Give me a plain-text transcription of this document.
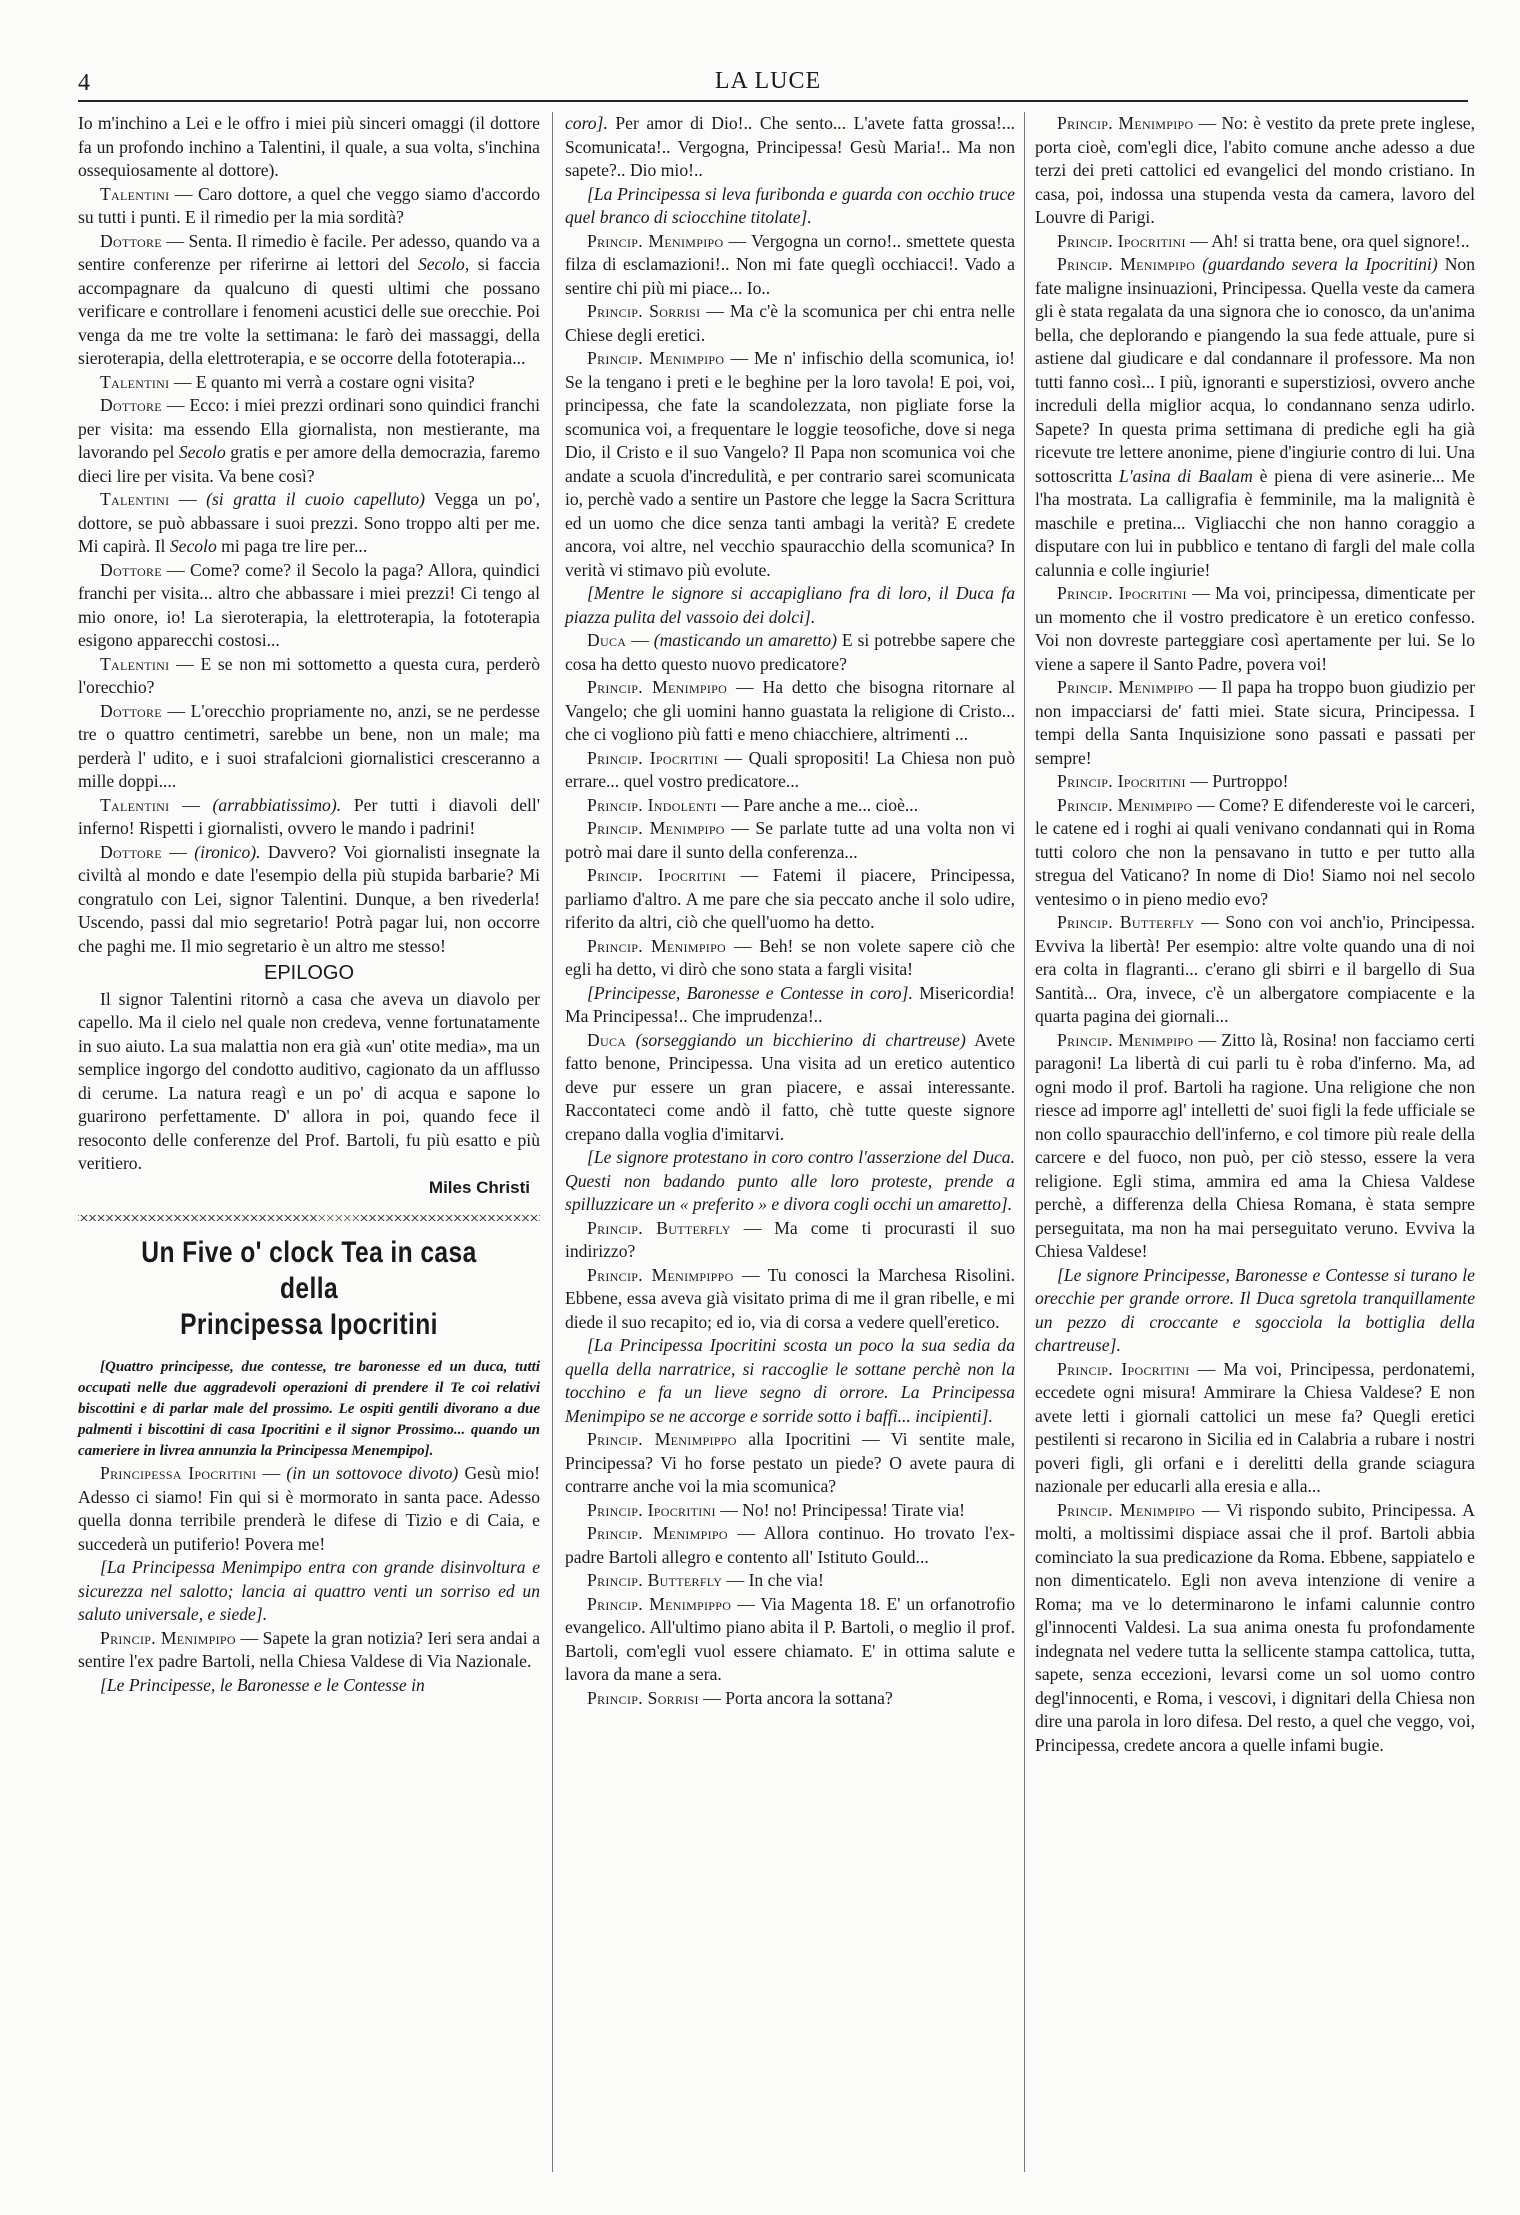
4	LA LUCE

Io m'inchino a Lei e le offro i miei più sinceri omaggi (il dottore fa un profondo inchino a Talentini, il quale, a sua volta, s'inchina ossequiosamente al dottore).

Talentini — Caro dottore, a quel che veggo siamo d'accordo su tutti i punti. E il rimedio per la mia sordità?

Dottore — Senta. Il rimedio è facile. Per adesso, quando va a sentire conferenze per riferirne ai lettori del Secolo, si faccia accompagnare da qualcuno di questi ultimi che possano verificare e controllare i fenomeni acustici delle sue orecchie. Poi venga da me tre volte la settimana: le farò dei massaggi, della sieroterapia, della elettroterapia, e se occorre della fototerapia...

Talentini — E quanto mi verrà a costare ogni visita?

Dottore — Ecco: i miei prezzi ordinari sono quindici franchi per visita: ma essendo Ella giornalista, non mestierante, ma lavorando pel Secolo gratis e per amore della democrazia, faremo dieci lire per visita. Va bene così?

Talentini — (si gratta il cuoio capelluto) Vegga un po', dottore, se può abbassare i suoi prezzi. Sono troppo alti per me. Mi capirà. Il Secolo mi paga tre lire per...

Dottore — Come? come? il Secolo la paga? Allora, quindici franchi per visita... altro che abbassare i miei prezzi! Ci tengo al mio onore, io! La sieroterapia, la elettroterapia, la fototerapia esigono apparecchi costosi...

Talentini — E se non mi sottometto a questa cura, perderò l'orecchio?

Dottore — L'orecchio propriamente no, anzi, se ne perdesse tre o quattro centimetri, sarebbe un bene, non un male; ma perderà l' udito, e i suoi strafalcioni giornalistici cresceranno a mille doppi....

Talentini — (arrabbiatissimo). Per tutti i diavoli dell' inferno! Rispetti i giornalisti, ovvero le mando i padrini!

Dottore — (ironico). Davvero? Voi giornalisti insegnate la civiltà al mondo e date l'esempio della più stupida barbarie? Mi congratulo con Lei, signor Talentini. Dunque, a ben rivederla! Uscendo, passi dal mio segretario! Potrà pagar lui, non occorre che paghi me. Il mio segretario è un altro me stesso!

EPILOGO

Il signor Talentini ritornò a casa che aveva un diavolo per capello. Ma il cielo nel quale non credeva, venne fortunatamente in suo aiuto. La sua malattia non era già «un' otite media», ma un semplice ingorgo del condotto auditivo, cagionato da un afflusso di cerume. La natura reagì e un po' di acqua e sapone lo guarirono perfettamente. D' allora in poi, quando fece il resoconto delle conferenze del Prof. Bartoli, fu più esatto e più veritiero.

Miles Christi
Un Five o' clock Tea in casa della
Principessa Ipocritini

[Quattro principesse, due contesse, tre baronesse ed un duca, tutti occupati nelle due aggradevoli operazioni di prendere il Te coi relativi biscottini e di parlar male del prossimo. Le ospiti gentili divorano a due palmenti i biscottini di casa Ipocritini e il signor Prossimo... quando un cameriere in livrea annunzia la Principessa Menempipo].

Principessa Ipocritini — (in un sottovoce divoto) Gesù mio! Adesso ci siamo! Fin qui si è mormorato in santa pace. Adesso quella donna terribile prenderà le difese di Tizio e di Caia, e succederà un putiferio! Povera me!

[La Principessa Menimpipo entra con grande disinvoltura e sicurezza nel salotto; lancia ai quattro venti un sorriso ed un saluto universale, e siede].

Princip. Menimpipo — Sapete la gran notizia? Ieri sera andai a sentire l'ex padre Bartoli, nella Chiesa Valdese di Via Nazionale.

[Le Principesse, le Baronesse e le Contesse in

coro]. Per amor di Dio!.. Che sento... L'avete fatta grossa!... Scomunicata!.. Vergogna, Principessa! Gesù Maria!.. Ma non sapete?.. Dio mio!..

[La Principessa si leva furibonda e guarda con occhio truce quel branco di sciocchine titolate].

Princip. Menimpipo — Vergogna un corno!.. smettete questa filza di esclamazioni!.. Non mi fate queglì occhiacci!. Vado a sentire chi più mi piace... Io..

Princip. Sorrisi — Ma c'è la scomunica per chi entra nelle Chiese degli eretici.

Princip. Menimpipo — Me n' infischio della scomunica, io! Se la tengano i preti e le beghine per la loro tavola! E poi, voi, principessa, che fate la scandolezzata, non pigliate forse la scomunica voi, a frequentare le loggie teosofiche, dove si nega Dio, il Cristo e il suo Vangelo? Il Papa non scomunica voi che andate a scuola d'incredulità, e per contrario sarei scomunicata io, perchè vado a sentire un Pastore che legge la Sacra Scrittura ed un uomo che dice senza tanti ambagi la verità? E credete ancora, voi altre, nel vecchio spauracchio della scomunica? In verità vi stimavo più evolute.

[Mentre le signore si accapigliano fra di loro, il Duca fa piazza pulita del vassoio dei dolci].

Duca — (masticando un amaretto) E si potrebbe sapere che cosa ha detto questo nuovo predicatore?

Princip. Menimpipo — Ha detto che bisogna ritornare al Vangelo; che gli uomini hanno guastata la religione di Cristo... che ci vogliono più fatti e meno chiacchiere, altrimenti ...

Princip. Ipocritini — Quali spropositi! La Chiesa non può errare... quel vostro predicatore...

Princip. Indolenti — Pare anche a me... cioè...

Princip. Menimpipo — Se parlate tutte ad una volta non vi potrò mai dare il sunto della conferenza...

Princip. Ipocritini — Fatemi il piacere, Principessa, parliamo d'altro. A me pare che sia peccato anche il solo udire, riferito da altri, ciò che quell'uomo ha detto.

Princip. Menimpipo — Beh! se non volete sapere ciò che egli ha detto, vi dirò che sono stata a fargli visita!

[Principesse, Baronesse e Contesse in coro]. Misericordia! Ma Principessa!.. Che imprudenza!..

Duca (sorseggiando un bicchierino di chartreuse) Avete fatto benone, Principessa. Una visita ad un eretico autentico deve pur essere un gran piacere, e assai interessante. Raccontateci come andò il fatto, chè tutte queste signore crepano dalla voglia d'imitarvi.

[Le signore protestano in coro contro l'asserzione del Duca. Questi non badando punto alle loro proteste, prende a spilluzzicare un « preferito » e divora cogli occhi un amaretto].

Princip. Butterfly — Ma come ti procurasti il suo indirizzo?

Princip. Menimpippo — Tu conosci la Marchesa Risolini. Ebbene, essa aveva già visitato prima di me il gran ribelle, e mi diede il suo recapito; ed io, via di corsa a vedere quell'eretico.

[La Principessa Ipocritini scosta un poco la sua sedia da quella della narratrice, si raccoglie le sottane perchè non la tocchino e fa un lieve segno di orrore. La Principessa Menimpipo se ne accorge e sorride sotto i baffi... incipienti].

Princip. Menimpippo alla Ipocritini — Vi sentite male, Principessa? Vi ho forse pestato un piede? O avete paura di contrarre anche voi la mia scomunica?

Princip. Ipocritini — No! no! Principessa! Tirate via!

Princip. Menimpipo — Allora continuo. Ho trovato l'ex-padre Bartoli allegro e contento all' Istituto Gould...

Princip. Butterfly — In che via!

Princip. Menimpippo — Via Magenta 18. E' un orfanotrofio evangelico. All'ultimo piano abita il P. Bartoli, o meglio il prof. Bartoli, com'egli vuol essere chiamato. E' in ottima salute e lavora da mane a sera.

Princip. Sorrisi — Porta ancora la sottana?

Princip. Menimpipo — No: è vestito da prete prete inglese, porta cioè, com'egli dice, l'abito comune anche adesso a due terzi dei preti cattolici ed evangelici del mondo cristiano. In casa, poi, indossa una stupenda vesta da camera, lavoro del Louvre di Parigi.

Princip. Ipocritini — Ah! si tratta bene, ora quel signore!..

Princip. Menimpipo (guardando severa la Ipocritini) Non fate maligne insinuazioni, Principessa. Quella veste da camera gli è stata regalata da una signora che io conosco, da un'anima bella, che deplorando e piangendo la sua fede attuale, pure si astiene dal giudicare e dal condannare il professore. Ma non tutti fanno così... I più, ignoranti e superstiziosi, ovvero anche increduli della miglior acqua, lo condannano senza udirlo. Sapete? In questa prima settimana di prediche egli ha già ricevute tre lettere anonime, piene d'ingiurie contro di lui. Una sottoscritta L'asina di Baalam è piena di vere asinerie... Me l'ha mostrata. La calligrafia è femminile, ma la malignità è maschile e pretina... Vigliacchi che non hanno coraggio a disputare con lui in pubblico e tentano di fargli del male colla calunnia e colle ingiurie!

Princip. Ipocritini — Ma voi, principessa, dimenticate per un momento che il vostro predicatore è un eretico confesso. Voi non dovreste parteggiare così apertamente per lui. Se lo viene a sapere il Santo Padre, povera voi!

Princip. Menimpipo — Il papa ha troppo buon giudizio per non impacciarsi de' fatti miei. State sicura, Principessa. I tempi della Santa Inquisizione sono passati e passati per sempre!

Princip. Ipocritini — Purtroppo!

Princip. Menimpipo — Come? E difendereste voi le carceri, le catene ed i roghi ai quali venivano condannati qui in Roma tutti coloro che non la pensavano in tutto e per tutto alla stregua del Vaticano? In nome di Dio! Siamo noi nel secolo ventesimo o in pieno medio evo?

Princip. Butterfly — Sono con voi anch'io, Principessa. Evviva la libertà! Per esempio: altre volte quando una di noi era colta in flagranti... c'erano gli sbirri e il bargello di Sua Santità... Ora, invece, c'è un albergatore compiacente e la quarta pagina dei giornali...

Princip. Menimpipo — Zitto là, Rosina! non facciamo certi paragoni! La libertà di cui parli tu è roba d'inferno. Ma, ad ogni modo il prof. Bartoli ha ragione. Una religione che non riesce ad imporre agl' intelletti de' suoi figli la fede ufficiale se non collo spauracchio dell'inferno, e col timore più reale della carcere e del fuoco, non può, per ciò stesso, essere la vera religione. Egli stima, ammira ed ama la Chiesa Valdese perchè, a differenza della Chiesa Romana, è stata sempre perseguitata, ma non ha mai perseguitato veruno. Evviva la Chiesa Valdese!

[Le signore Principesse, Baronesse e Contesse si turano le orecchie per grande orrore. Il Duca sgretola tranquillamente un pezzo di croccante e sgocciola la bottiglia della chartreuse].

Princip. Ipocritini — Ma voi, Principessa, perdonatemi, eccedete ogni misura! Ammirare la Chiesa Valdese? E non avete letti i giornali cattolici un mese fa? Quegli eretici pestilenti si recarono in Sicilia ed in Calabria a rubare i nostri poveri figli, gli orfani e i derelitti della grande sciagura nazionale per educarli alla eresia e alla...

Princip. Menimpipo — Vi rispondo subito, Principessa. A molti, a moltissimi dispiace assai che il prof. Bartoli abbia cominciato la sua predicazione da Roma. Ebbene, sappiatelo e non dimenticatelo. Egli non aveva intenzione di venire a Roma; ma ve lo determinarono le infami calunnie contro gl'innocenti Valdesi. La sua anima onesta fu profondamente indegnata nel vedere tutta la sellicente stampa cattolica, tutta, sapete, senza eccezioni, levarsi come un sol uomo contro degl'innocenti, e Roma, i vescovi, i dignitari della Chiesa non dire una parola in loro difesa. Del resto, a quel che veggo, voi, Principessa, credete ancora a quelle infami bugie.
